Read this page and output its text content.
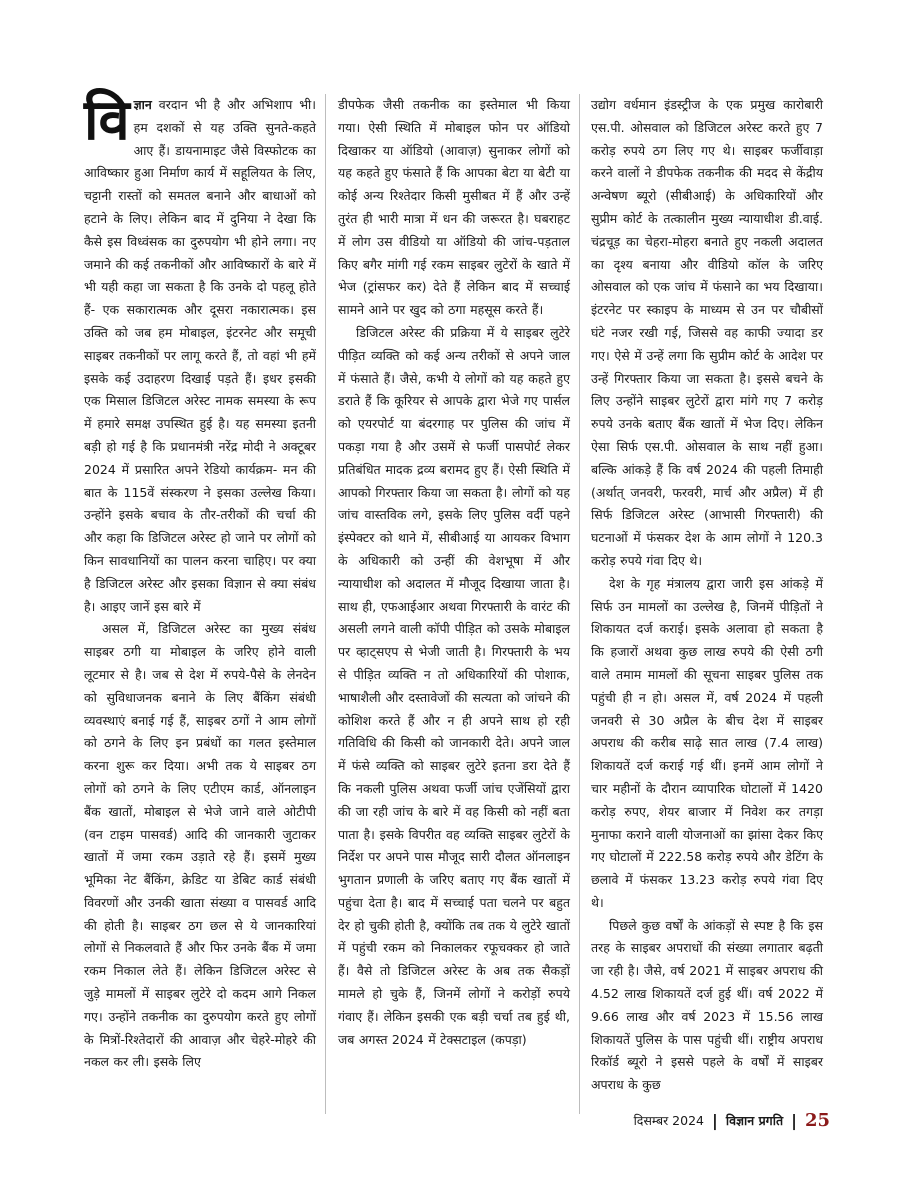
विज्ञान वरदान भी है और अभिशाप भी। हम दशकों से यह उक्ति सुनते-कहते आए हैं। डायनामाइट जैसे विस्फोटक का आविष्कार हुआ निर्माण कार्य में सहूलियत के लिए, चट्टानी रास्तों को समतल बनाने और बाधाओं को हटाने के लिए। लेकिन बाद में दुनिया ने देखा कि कैसे इस विध्वंसक का दुरुपयोग भी होने लगा। नए जमाने की कई तकनीकों और आविष्कारों के बारे में भी यही कहा जा सकता है कि उनके दो पहलू होते हैं- एक सकारात्मक और दूसरा नकारात्मक। इस उक्ति को जब हम मोबाइल, इंटरनेट और समूची साइबर तकनीकों पर लागू करते हैं, तो वहां भी हमें इसके कई उदाहरण दिखाई पड़ते हैं। इधर इसकी एक मिसाल डिजिटल अरेस्ट नामक समस्या के रूप में हमारे समक्ष उपस्थित हुई है। यह समस्या इतनी बड़ी हो गई है कि प्रधानमंत्री नरेंद्र मोदी ने अक्टूबर 2024 में प्रसारित अपने रेडियो कार्यक्रम- मन की बात के 115वें संस्करण ने इसका उल्लेख किया। उन्होंने इसके बचाव के तौर-तरीकों की चर्चा की और कहा कि डिजिटल अरेस्ट हो जाने पर लोगों को किन सावधानियों का पालन करना चाहिए। पर क्या है डिजिटल अरेस्ट और इसका विज्ञान से क्या संबंध है। आइए जानें इस बारे में

असल में, डिजिटल अरेस्ट का मुख्य संबंध साइबर ठगी या मोबाइल के जरिए होने वाली लूटमार से है। जब से देश में रुपये-पैसे के लेनदेन को सुविधाजनक बनाने के लिए बैंकिंग संबंधी व्यवस्थाएं बनाई गई हैं, साइबर ठगों ने आम लोगों को ठगने के लिए इन प्रबंधों का गलत इस्तेमाल करना शुरू कर दिया। अभी तक ये साइबर ठग लोगों को ठगने के लिए एटीएम कार्ड, ऑनलाइन बैंक खातों, मोबाइल से भेजे जाने वाले ओटीपी (वन टाइम पासवर्ड) आदि की जानकारी जुटाकर खातों में जमा रकम उड़ाते रहे हैं। इसमें मुख्य भूमिका नेट बैंकिंग, क्रेडिट या डेबिट कार्ड संबंधी विवरणों और उनकी खाता संख्या व पासवर्ड आदि की होती है। साइबर ठग छल से ये जानकारियां लोगों से निकलवाते हैं और फिर उनके बैंक में जमा रकम निकाल लेते हैं। लेकिन डिजिटल अरेस्ट से जुड़े मामलों में साइबर लुटेरे दो कदम आगे निकल गए। उन्होंने तकनीक का दुरुपयोग करते हुए लोगों के मित्रों-रिश्तेदारों की आवाज़ और चेहरे-मोहरे की नकल कर ली। इसके लिए

डीपफेक जैसी तकनीक का इस्तेमाल भी किया गया। ऐसी स्थिति में मोबाइल फोन पर ऑडियो दिखाकर या ऑडियो (आवाज़) सुनाकर लोगों को यह कहते हुए फंसाते हैं कि आपका बेटा या बेटी या कोई अन्य रिश्तेदार किसी मुसीबत में हैं और उन्हें तुरंत ही भारी मात्रा में धन की जरूरत है। घबराहट में लोग उस वीडियो या ऑडियो की जांच-पड़ताल किए बगैर मांगी गई रकम साइबर लुटेरों के खाते में भेज (ट्रांसफर कर) देते हैं लेकिन बाद में सच्चाई सामने आने पर खुद को ठगा महसूस करते हैं।

डिजिटल अरेस्ट की प्रक्रिया में ये साइबर लुटेरे पीड़ित व्यक्ति को कई अन्य तरीकों से अपने जाल में फंसाते हैं। जैसे, कभी ये लोगों को यह कहते हुए डराते हैं कि कूरियर से आपके द्वारा भेजे गए पार्सल को एयरपोर्ट या बंदरगाह पर पुलिस की जांच में पकड़ा गया है और उसमें से फर्जी पासपोर्ट लेकर प्रतिबंधित मादक द्रव्य बरामद हुए हैं। ऐसी स्थिति में आपको गिरफ्तार किया जा सकता है। लोगों को यह जांच वास्तविक लगे, इसके लिए पुलिस वर्दी पहने इंस्पेक्टर को थाने में, सीबीआई या आयकर विभाग के अधिकारी को उन्हीं की वेशभूषा में और न्यायाधीश को अदालत में मौजूद दिखाया जाता है। साथ ही, एफआईआर अथवा गिरफ्तारी के वारंट की असली लगने वाली कॉपी पीड़ित को उसके मोबाइल पर व्हाट्सएप से भेजी जाती है। गिरफ्तारी के भय से पीड़ित व्यक्ति न तो अधिकारियों की पोशाक, भाषाशैली और दस्तावेजों की सत्यता को जांचने की कोशिश करते हैं और न ही अपने साथ हो रही गतिविधि की किसी को जानकारी देते। अपने जाल में फंसे व्यक्ति को साइबर लुटेरे इतना डरा देते हैं कि नकली पुलिस अथवा फर्जी जांच एजेंसियों द्वारा की जा रही जांच के बारे में वह किसी को नहीं बता पाता है। इसके विपरीत वह व्यक्ति साइबर लुटेरों के निर्देश पर अपने पास मौजूद सारी दौलत ऑनलाइन भुगतान प्रणाली के जरिए बताए गए बैंक खातों में पहुंचा देता है। बाद में सच्चाई पता चलने पर बहुत देर हो चुकी होती है, क्योंकि तब तक ये लुटेरे खातों में पहुंची रकम को निकालकर रफूचक्कर हो जाते हैं। वैसे तो डिजिटल अरेस्ट के अब तक सैकड़ों मामले हो चुके हैं, जिनमें लोगों ने करोड़ों रुपये गंवाए हैं। लेकिन इसकी एक बड़ी चर्चा तब हुई थी, जब अगस्त 2024 में टेक्सटाइल (कपड़ा)

उद्योग वर्धमान इंडस्ट्रीज के एक प्रमुख कारोबारी एस.पी. ओसवाल को डिजिटल अरेस्ट करते हुए 7 करोड़ रुपये ठग लिए गए थे। साइबर फर्जीवाड़ा करने वालों ने डीपफेक तकनीक की मदद से केंद्रीय अन्वेषण ब्यूरो (सीबीआई) के अधिकारियों और सुप्रीम कोर्ट के तत्कालीन मुख्य न्यायाधीश डी.वाई. चंद्रचूड़ का चेहरा-मोहरा बनाते हुए नकली अदालत का दृश्य बनाया और वीडियो कॉल के जरिए ओसवाल को एक जांच में फंसाने का भय दिखाया। इंटरनेट पर स्काइप के माध्यम से उन पर चौबीसों घंटे नजर रखी गई, जिससे वह काफी ज्यादा डर गए। ऐसे में उन्हें लगा कि सुप्रीम कोर्ट के आदेश पर उन्हें गिरफ्तार किया जा सकता है। इससे बचने के लिए उन्होंने साइबर लुटेरों द्वारा मांगे गए 7 करोड़ रुपये उनके बताए बैंक खातों में भेज दिए। लेकिन ऐसा सिर्फ एस.पी. ओसवाल के साथ नहीं हुआ। बल्कि आंकड़े हैं कि वर्ष 2024 की पहली तिमाही (अर्थात् जनवरी, फरवरी, मार्च और अप्रैल) में ही सिर्फ डिजिटल अरेस्ट (आभासी गिरफ्तारी) की घटनाओं में फंसकर देश के आम लोगों ने 120.3 करोड़ रुपये गंवा दिए थे।

देश के गृह मंत्रालय द्वारा जारी इस आंकड़े में सिर्फ उन मामलों का उल्लेख है, जिनमें पीड़ितों ने शिकायत दर्ज कराई। इसके अलावा हो सकता है कि हजारों अथवा कुछ लाख रुपये की ऐसी ठगी वाले तमाम मामलों की सूचना साइबर पुलिस तक पहुंची ही न हो। असल में, वर्ष 2024 में पहली जनवरी से 30 अप्रैल के बीच देश में साइबर अपराध की करीब साढ़े सात लाख (7.4 लाख) शिकायतें दर्ज कराई गई थीं। इनमें आम लोगों ने चार महीनों के दौरान व्यापारिक घोटालों में 1420 करोड़ रुपए, शेयर बाजार में निवेश कर तगड़ा मुनाफा कराने वाली योजनाओं का झांसा देकर किए गए घोटालों में 222.58 करोड़ रुपये और डेटिंग के छलावे में फंसकर 13.23 करोड़ रुपये गंवा दिए थे।

पिछले कुछ वर्षों के आंकड़ों से स्पष्ट है कि इस तरह के साइबर अपराधों की संख्या लगातार बढ़ती जा रही है। जैसे, वर्ष 2021 में साइबर अपराध की 4.52 लाख शिकायतें दर्ज हुई थीं। वर्ष 2022 में 9.66 लाख और वर्ष 2023 में 15.56 लाख शिकायतें पुलिस के पास पहुंची थीं। राष्ट्रीय अपराध रिकॉर्ड ब्यूरो ने इससे पहले के वर्षों में साइबर अपराध के कुछ

दिसम्बर 2024 | विज्ञान प्रगति | 25
